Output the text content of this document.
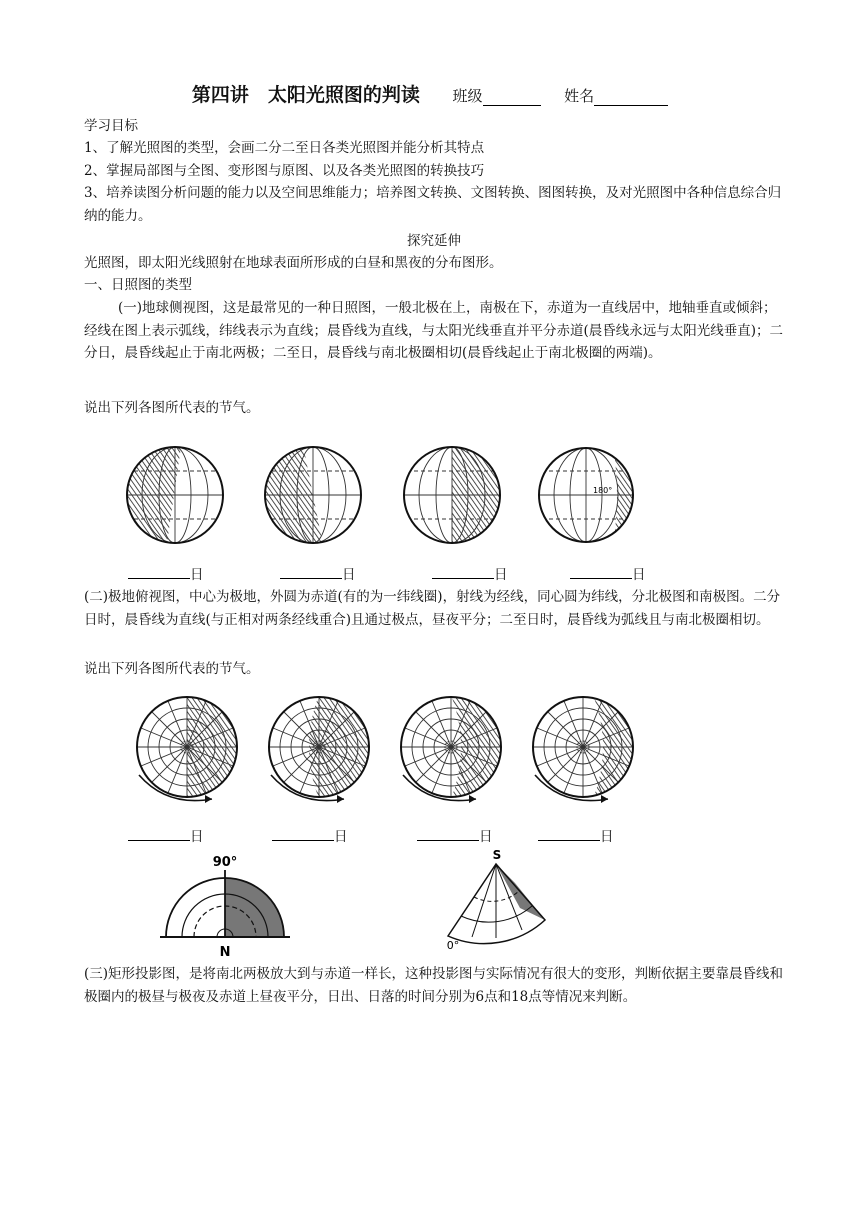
第四讲　太阳光照图的判读 班级	姓名
学习目标
1、了解光照图的类型，会画二分二至日各类光照图并能分析其特点
2、掌握局部图与全图、变形图与原图、以及各类光照图的转换技巧
3、培养读图分析问题的能力以及空间思维能力；培养图文转换、文图转换、图图转换，及对光照图中各种信息综合归纳的能力。
探究延伸
光照图，即太阳光线照射在地球表面所形成的白昼和黑夜的分布图形。
一、日照图的类型
(一)地球侧视图，这是最常见的一种日照图，一般北极在上，南极在下，赤道为一直线居中，地轴垂直或倾斜；经线在图上表示弧线，纬线表示为直线；晨昏线为直线，与太阳光线垂直并平分赤道(晨昏线永远与太阳光线垂直)；二分日，晨昏线起止于南北两极；二至日，晨昏线与南北极圈相切(晨昏线起止于南北极圈的两端)。
说出下列各图所代表的节气。
180°
日	日	日	日
(二)极地俯视图，中心为极地，外圆为赤道(有的为一纬线圈)，射线为经线，同心圆为纬线，分北极图和南极图。二分日时，晨昏线为直线(与正相对两条经线重合)且通过极点，昼夜平分；二至日时，晨昏线为弧线且与南北极圈相切。
说出下列各图所代表的节气。
日	日	日	日
90°
N
S
0°
(三)矩形投影图，是将南北两极放大到与赤道一样长，这种投影图与实际情况有很大的变形，判断依据主要靠晨昏线和极圈内的极昼与极夜及赤道上昼夜平分，日出、日落的时间分别为6点和18点等情况来判断。
